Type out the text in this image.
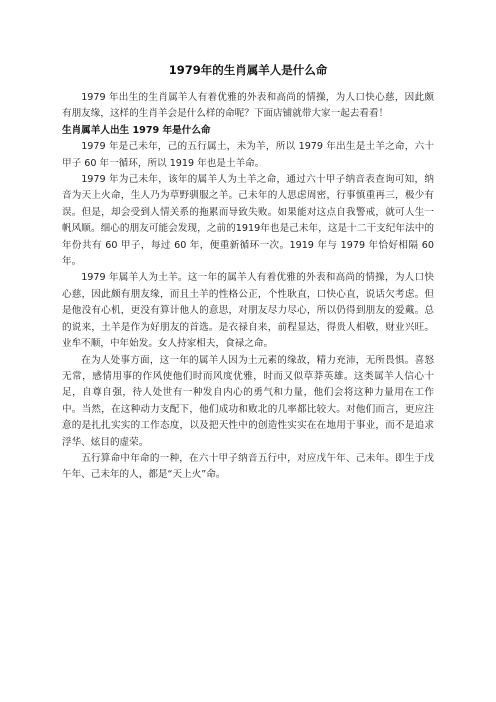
1979年的生肖属羊人是什么命

1979 年出生的生肖属羊人有着优雅的外表和高尚的情操，为人口快心慈，因此颇有朋友缘，这样的生肖羊会是什么样的命呢？下面店铺就带大家一起去看看！

生肖属羊人出生 1979 年是什么命

1979 年是己未年，己的五行属土，未为羊，所以 1979 年出生是土羊之命，六十甲子 60 年一循环，所以 1919 年也是土羊命。

1979 年为己未年，该年的属羊人为土羊之命，通过六十甲子纳音表查询可知，纳音为天上火命，生人乃为草野驯服之羊。己未年的人思虑周密，行事慎重再三，极少有误。但是，却会受到人情关系的拖累而导致失败。如果能对这点自我警戒，就可人生一帆风顺。细心的朋友可能会发现，之前的1919年也是己未年，这是十二干支纪年法中的年份共有 60 甲子，每过 60 年，便重新循环一次。1919 年与 1979 年恰好相隔 60 年。

1979 年属羊人为土羊。这一年的属羊人有着优雅的外表和高尚的情操，为人口快心慈，因此颇有朋友缘，而且土羊的性格公正，个性耿直，口快心直，说话欠考虑。但是他没有心机，更没有算计他人的意思，对朋友尽力尽心，所以仍得到朋友的爱戴。总的说来，土羊是作为好朋友的首选。是衣禄自来，前程显达，得贵人相敬，财业兴旺。业牟不顺，中年始发。女人持家相夫，食禄之命。

在为人处事方面，这一年的属羊人因为土元素的缘故，精力充沛，无所畏惧。喜怒无常，感情用事的作风使他们时而风度优雅，时而又似草莽英雄。这类属羊人信心十足，自尊自强，待人处世有一种发自内心的勇气和力量，他们会将这种力量用在工作中。当然，在这种动力支配下，他们成功和败北的几率都比较大。对他们而言，更应注意的是扎扎实实的工作态度，以及把天性中的创造性实实在在地用于事业，而不是追求浮华、炫目的虚荣。

五行算命中年命的一种，在六十甲子纳音五行中，对应戊午年、己未年。即生于戊午年、己未年的人，都是“天上火”命。
